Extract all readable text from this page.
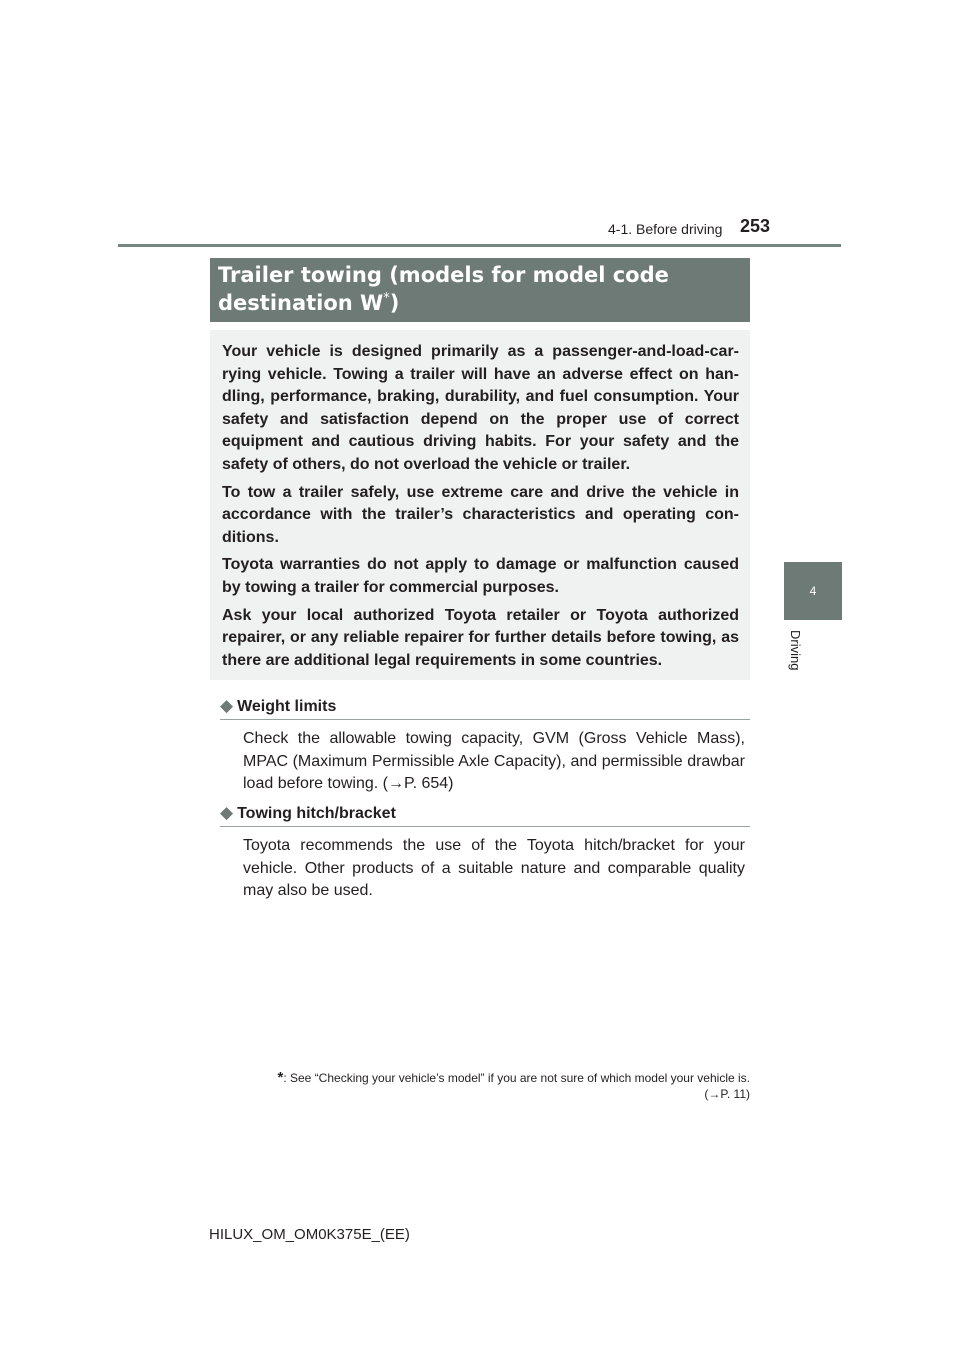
4-1. Before driving 253
4
Driving
Trailer towing (models for model code destination W*)

Your vehicle is designed primarily as a passenger-and-load-car- rying vehicle. Towing a trailer will have an adverse effect on han- dling, performance, braking, durability, and fuel consumption. Your safety and satisfaction depend on the proper use of correct equipment and cautious driving habits. For your safety and the safety of others, do not overload the vehicle or trailer.

To tow a trailer safely, use extreme care and drive the vehicle in accordance with the trailer’s characteristics and operating con- ditions.

Toyota warranties do not apply to damage or malfunction caused by towing a trailer for commercial purposes.

Ask your local authorized Toyota retailer or Toyota authorized repairer, or any reliable repairer for further details before towing, as there are additional legal requirements in some countries.

◆ Weight limits

Check the allowable towing capacity, GVM (Gross Vehicle Mass), MPAC (Maximum Permissible Axle Capacity), and permissible drawbar load before towing. (→P. 654)

◆ Towing hitch/bracket

Toyota recommends the use of the Toyota hitch/bracket for your vehicle. Other products of a suitable nature and comparable quality may also be used.

*: See “Checking your vehicle’s model” if you are not sure of which model your vehicle is.
(→P. 11)
HILUX_OM_OM0K375E_(EE)
